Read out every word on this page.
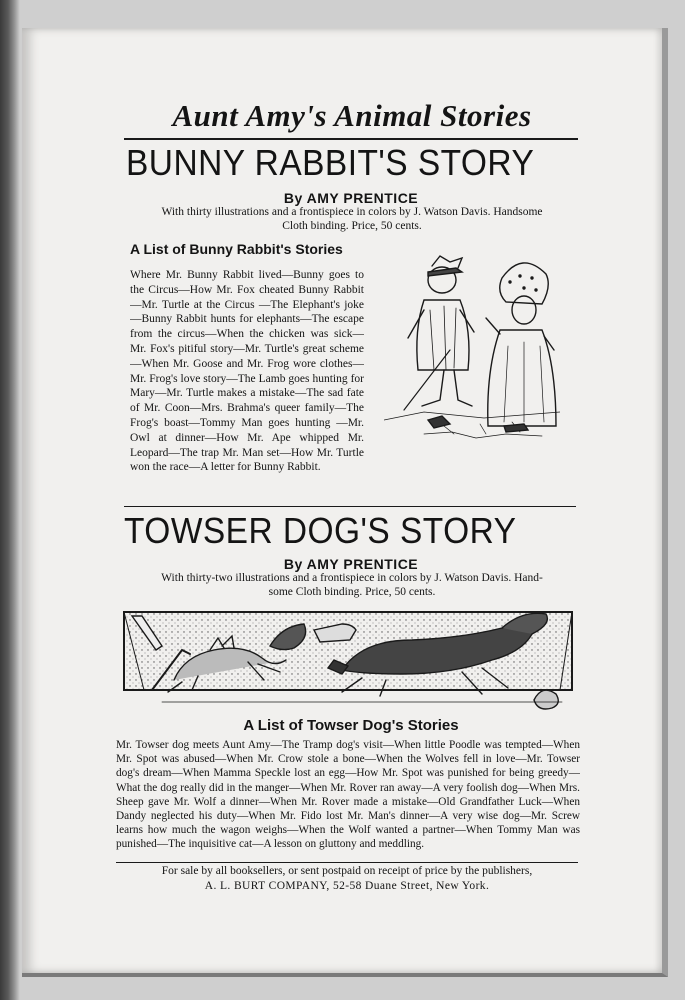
Aunt Amy's Animal Stories
BUNNY RABBIT'S STORY
By AMY PRENTICE
With thirty illustrations and a frontispiece in colors by J. Watson Davis. Handsome
Cloth binding. Price, 50 cents.
A List of Bunny Rabbit's Stories
Where Mr. Bunny Rabbit lived—Bunny goes to the Circus—How Mr. Fox cheated Bunny Rabbit—Mr. Turtle at the Circus —The Elephant's joke—Bunny Rabbit hunts for elephants—The escape from the circus—When the chicken was sick—Mr. Fox's pitiful story—Mr. Turtle's great scheme—When Mr. Goose and Mr. Frog wore clothes—Mr. Frog's love story—The Lamb goes hunting for Mary—Mr. Turtle makes a mistake—The sad fate of Mr. Coon—Mrs. Brahma's queer family—The Frog's boast—Tommy Man goes hunting —Mr. Owl at dinner—How Mr. Ape whipped Mr. Leopard—The trap Mr. Man set—How Mr. Turtle won the race—A letter for Bunny Rabbit.
TOWSER DOG'S STORY
By AMY PRENTICE
With thirty-two illustrations and a frontispiece in colors by J. Watson Davis. Hand-
some Cloth binding. Price, 50 cents.
A List of Towser Dog's Stories
Mr. Towser dog meets Aunt Amy—The Tramp dog's visit—When little Poodle was tempted—When Mr. Spot was abused—When Mr. Crow stole a bone—When the Wolves fell in love—Mr. Towser dog's dream—When Mamma Speckle lost an egg—How Mr. Spot was punished for being greedy—What the dog really did in the manger—When Mr. Rover ran away—A very foolish dog—When Mrs. Sheep gave Mr. Wolf a dinner—When Mr. Rover made a mistake—Old Grandfather Luck—When Dandy neglected his duty—When Mr. Fido lost Mr. Man's dinner—A very wise dog—Mr. Screw learns how much the wagon weighs—When the Wolf wanted a partner—When Tommy Man was punished—The inquisitive cat—A lesson on gluttony and meddling.
For sale by all booksellers, or sent postpaid on receipt of price by the publishers,
A. L. BURT COMPANY, 52-58 Duane Street, New York.
